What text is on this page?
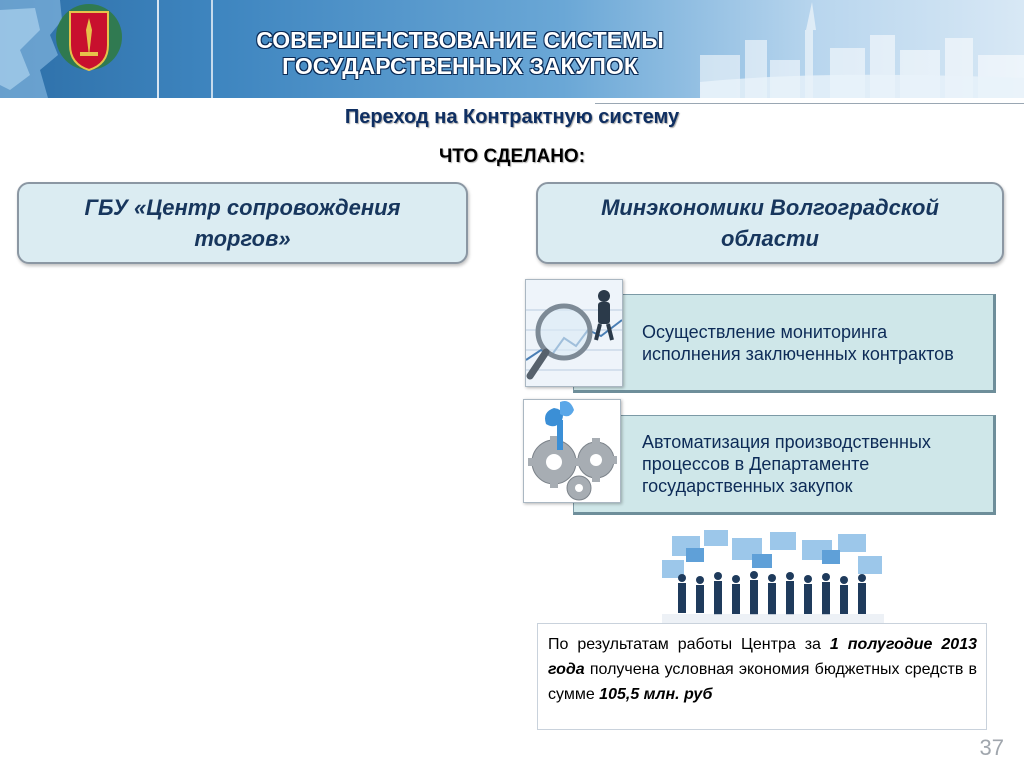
СОВЕРШЕНСТВОВАНИЕ СИСТЕМЫ
ГОСУДАРСТВЕННЫХ ЗАКУПОК
Переход на Контрактную систему
ЧТО СДЕЛАНО:
ГБУ «Центр сопровождения торгов»
Минэкономики Волгоградской области
Осуществление мониторинга исполнения заключенных контрактов
Автоматизация производственных процессов в Департаменте государственных закупок
По результатам работы Центра за 1 полугодие 2013 года получена условная экономия бюджетных средств в сумме 105,5 млн. руб
37
